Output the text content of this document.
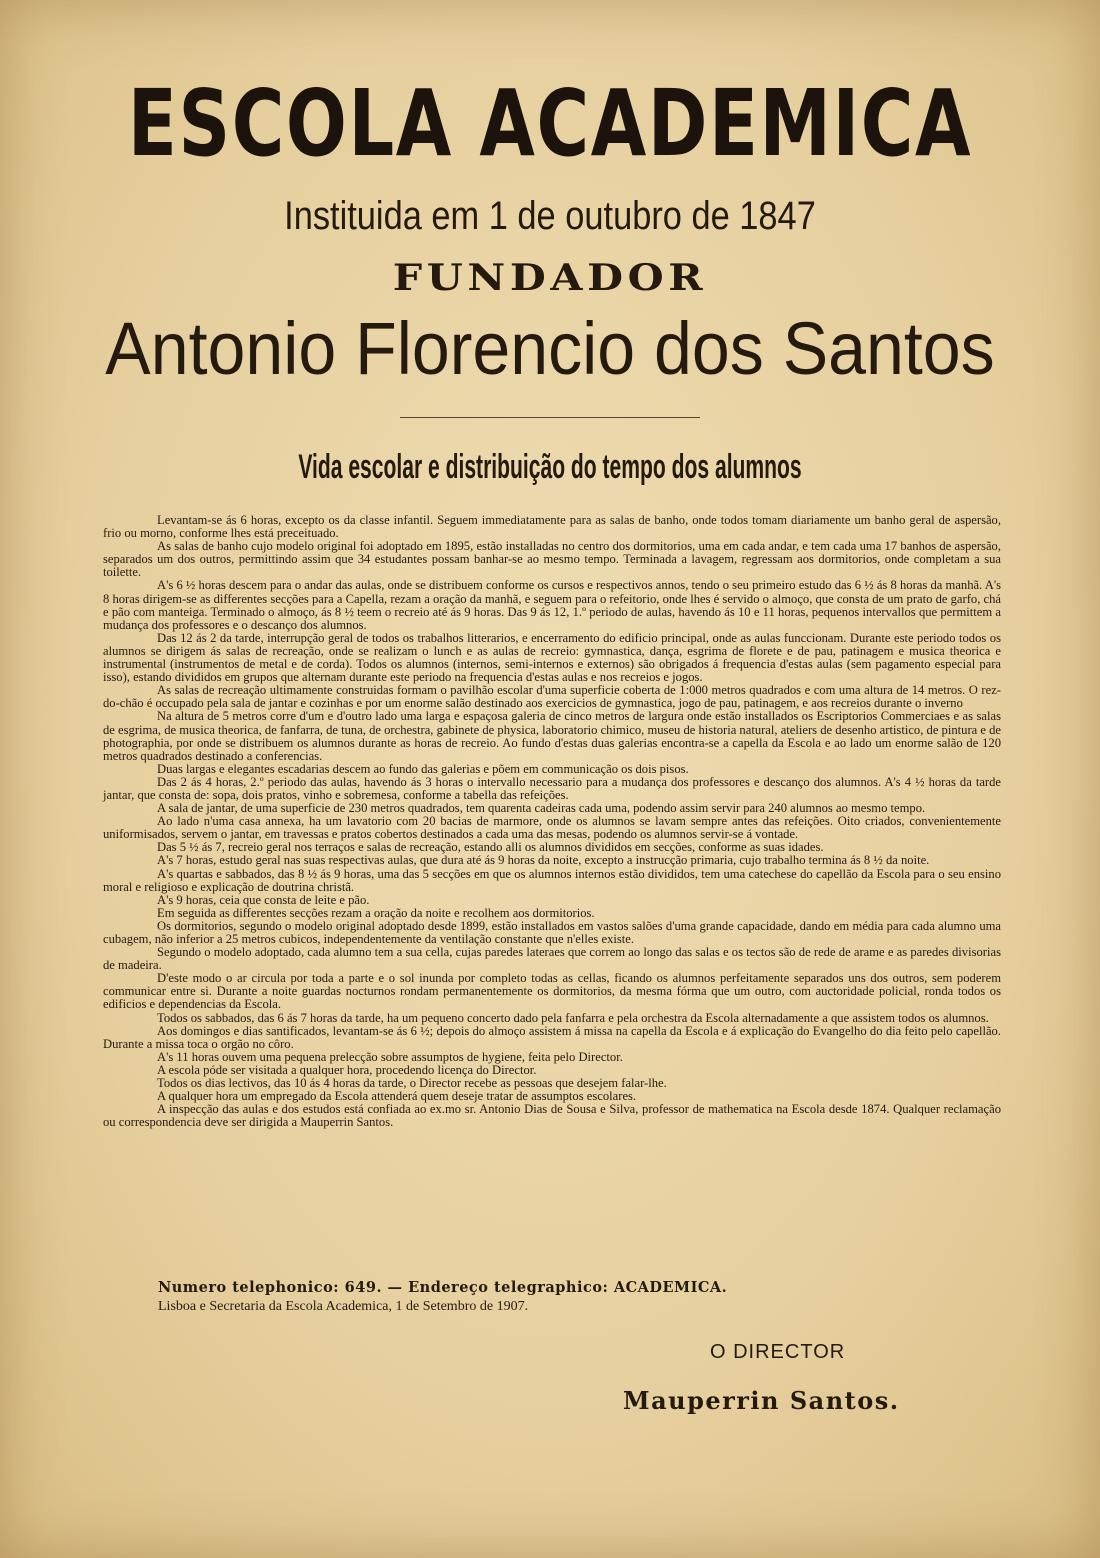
ESCOLA ACADEMICA
Instituida em 1 de outubro de 1847
FUNDADOR
Antonio Florencio dos Santos
Vida escolar e distribuição do tempo dos alumnos

Levantam-se ás 6 horas, excepto os da classe infantil. Seguem immediatamente para as salas de banho, onde todos tomam diariamente um banho geral de aspersão, frio ou morno, conforme lhes está preceituado.

As salas de banho cujo modelo original foi adoptado em 1895, estão installadas no centro dos dormitorios, uma em cada andar, e tem cada uma 17 banhos de aspersão, separados um dos outros, permittindo assim que 34 estudantes possam banhar-se ao mesmo tempo. Terminada a lavagem, regressam aos dormitorios, onde completam a sua toilette.

A's 6 ½ horas descem para o andar das aulas, onde se distribuem conforme os cursos e respectivos annos, tendo o seu primeiro estudo das 6 ½ ás 8 horas da manhã. A's 8 horas dirigem-se as differentes secções para a Capella, rezam a oração da manhã, e seguem para o refeitorio, onde lhes é servido o almoço, que consta de um prato de garfo, chá e pão com manteiga. Terminado o almoço, ás 8 ½ teem o recreio até ás 9 horas. Das 9 ás 12, 1.º periodo de aulas, havendo ás 10 e 11 horas, pequenos intervallos que permittem a mudança dos professores e o descanço dos alumnos.

Das 12 ás 2 da tarde, interrupção geral de todos os trabalhos litterarios, e encerramento do edificio principal, onde as aulas funccionam. Durante este periodo todos os alumnos se dirigem ás salas de recreação, onde se realizam o lunch e as aulas de recreio: gymnastica, dança, esgrima de florete e de pau, patinagem e musica theorica e instrumental (instrumentos de metal e de corda). Todos os alumnos (internos, semi-internos e externos) são obrigados á frequencia d'estas aulas (sem pagamento especial para isso), estando divididos em grupos que alternam durante este periodo na frequencia d'estas aulas e nos recreios e jogos.

As salas de recreação ultimamente construidas formam o pavilhão escolar d'uma superficie coberta de 1:000 metros quadrados e com uma altura de 14 metros. O rez-do-chão é occupado pela sala de jantar e cozinhas e por um enorme salão destinado aos exercicios de gymnastica, jogo de pau, patinagem, e aos recreios durante o inverno

Na altura de 5 metros corre d'um e d'outro lado uma larga e espaçosa galeria de cinco metros de largura onde estão installados os Escriptorios Commerciaes e as salas de esgrima, de musica theorica, de fanfarra, de tuna, de orchestra, gabinete de physica, laboratorio chimico, museu de historia natural, ateliers de desenho artistico, de pintura e de photographia, por onde se distribuem os alumnos durante as horas de recreio. Ao fundo d'estas duas galerias encontra-se a capella da Escola e ao lado um enorme salão de 120 metros quadrados destinado a conferencias.

Duas largas e elegantes escadarias descem ao fundo das galerias e põem em communicação os dois pisos.

Das 2 ás 4 horas, 2.º periodo das aulas, havendo ás 3 horas o intervallo necessario para a mudança dos professores e descanço dos alumnos. A's 4 ½ horas da tarde jantar, que consta de: sopa, dois pratos, vinho e sobremesa, conforme a tabella das refeições.

A sala de jantar, de uma superficie de 230 metros quadrados, tem quarenta cadeiras cada uma, podendo assim servir para 240 alumnos ao mesmo tempo.

Ao lado n'uma casa annexa, ha um lavatorio com 20 bacias de marmore, onde os alumnos se lavam sempre antes das refeições. Oito criados, convenientemente uniformisados, servem o jantar, em travessas e pratos cobertos destinados a cada uma das mesas, podendo os alumnos servir-se á vontade.

Das 5 ½ ás 7, recreio geral nos terraços e salas de recreação, estando alli os alumnos divididos em secções, conforme as suas idades.

A's 7 horas, estudo geral nas suas respectivas aulas, que dura até ás 9 horas da noite, excepto a instrucção primaria, cujo trabalho termina ás 8 ½ da noite.

A's quartas e sabbados, das 8 ½ ás 9 horas, uma das 5 secções em que os alumnos internos estão divididos, tem uma catechese do capellão da Escola para o seu ensino moral e religioso e explicação de doutrina christã.

A's 9 horas, ceia que consta de leite e pão.

Em seguida as differentes secções rezam a oração da noite e recolhem aos dormitorios.

Os dormitorios, segundo o modelo original adoptado desde 1899, estão installados em vastos salões d'uma grande capacidade, dando em média para cada alumno uma cubagem, não inferior a 25 metros cubicos, independentemente da ventilação constante que n'elles existe.

Segundo o modelo adoptado, cada alumno tem a sua cella, cujas paredes lateraes que correm ao longo das salas e os tectos são de rede de arame e as paredes divisorias de madeira.

D'este modo o ar circula por toda a parte e o sol inunda por completo todas as cellas, ficando os alumnos perfeitamente separados uns dos outros, sem poderem communicar entre si. Durante a noite guardas nocturnos rondam permanentemente os dormitorios, da mesma fórma que um outro, com auctoridade policial, ronda todos os edificios e dependencias da Escola.

Todos os sabbados, das 6 ás 7 horas da tarde, ha um pequeno concerto dado pela fanfarra e pela orchestra da Escola alternadamente a que assistem todos os alumnos.

Aos domingos e dias santificados, levantam-se ás 6 ½; depois do almoço assistem á missa na capella da Escola e á explicação do Evangelho do dia feito pelo capellão. Durante a missa toca o orgão no côro.

A's 11 horas ouvem uma pequena prelecção sobre assumptos de hygiene, feita pelo Director.

A escola póde ser visitada a qualquer hora, procedendo licença do Director.

Todos os dias lectivos, das 10 ás 4 horas da tarde, o Director recebe as pessoas que desejem falar-lhe.

A qualquer hora um empregado da Escola attenderá quem deseje tratar de assumptos escolares.

A inspecção das aulas e dos estudos está confiada ao ex.mo sr. Antonio Dias de Sousa e Silva, professor de mathematica na Escola desde 1874. Qualquer reclamação ou correspondencia deve ser dirigida a Mauperrin Santos.

Numero telephonico: 649. — Endereço telegraphico: ACADEMICA.
Lisboa e Secretaria da Escola Academica, 1 de Setembro de 1907.
O DIRECTOR
Mauperrin Santos.
